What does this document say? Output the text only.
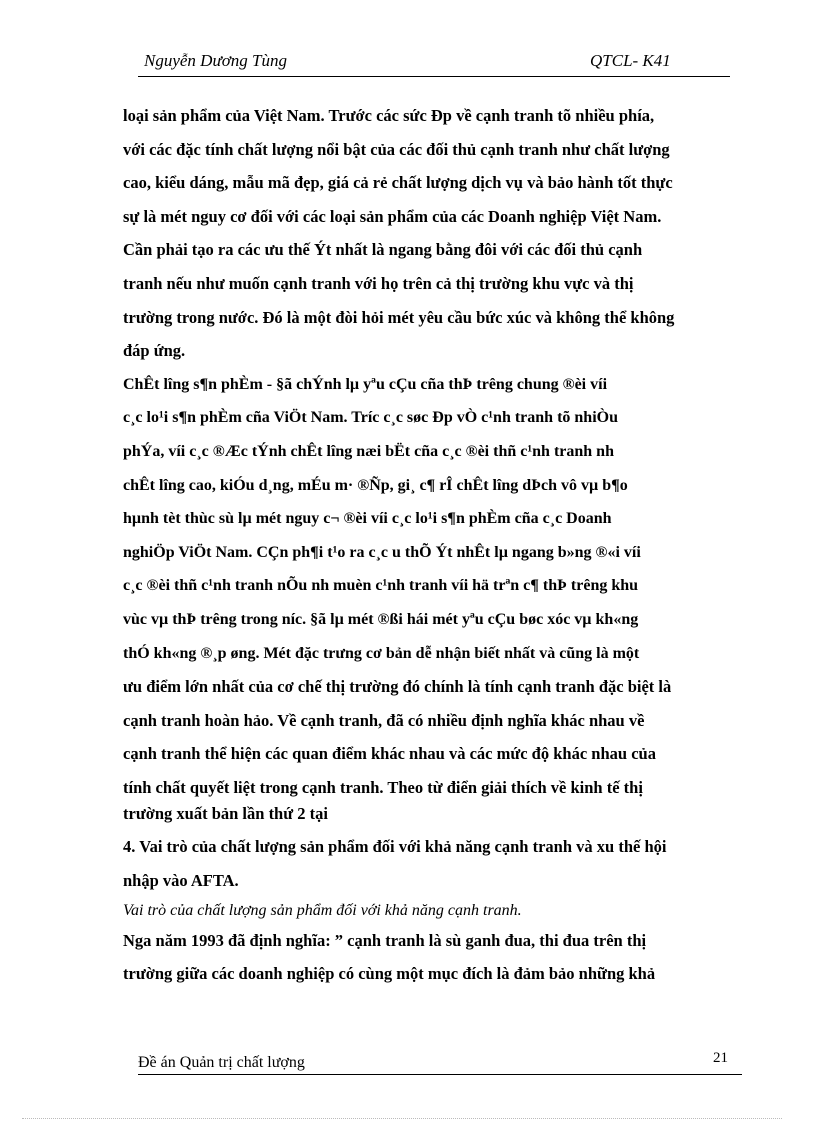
Nguyễn Dương Tùng	QTCL- K41
loại sản phẩm của Việt Nam. Trước các sức Ðp về cạnh tranh tõ nhiều phía,
với các đặc tính chất lượng nổi bật của các đối thủ cạnh tranh như chất lượng
cao, kiểu dáng, mẫu mã đẹp, giá cả rẻ chất lượng dịch vụ và bảo hành tốt thực
sự là mét nguy cơ đối với các loại sản phẩm của các Doanh nghiệp Việt Nam.
Cần phải tạo ra các ưu thế Ýt nhất là ngang bằng đôi với các đối thủ cạnh
tranh nếu như muốn cạnh tranh với họ trên cả thị trường khu vực và thị
trường trong nước. Đó là một đòi hỏi mét yêu cầu bức xúc và không thể không
đáp ứng.
ChÊt lîng s¶n phÈm - §ã chÝnh lµ yªu cÇu cña thÞ trêng chung ®èi víi
c¸c lo¹i s¶n phÈm cña ViÖt Nam. Tríc c¸c søc Ðp vÒ c¹nh tranh tõ nhiÒu
phÝa, víi c¸c ®Æc tÝnh chÊt lîng næi bËt cña c¸c ®èi thñ c¹nh tranh nh
chÊt lîng cao, kiÓu d¸ng, mÉu m· ®Ñp, gi¸ c¶ rÎ chÊt lîng dÞch vô vµ b¶o
hµnh tèt thùc sù lµ mét nguy c¬ ®èi víi c¸c lo¹i s¶n phÈm cña c¸c Doanh
nghiÖp ViÖt Nam. CÇn ph¶i t¹o ra c¸c u thÕ Ýt nhÊt lµ ngang b»ng ®«i víi
c¸c ®èi thñ c¹nh tranh nÕu nh muèn c¹nh tranh víi hä trªn c¶ thÞ trêng khu
vùc vµ thÞ trêng trong níc. §ã lµ mét ®ßi hái mét yªu cÇu bøc xóc vµ kh«ng
thÓ kh«ng ®¸p øng. Mét đặc trưng cơ bản dễ nhận biết nhất và cũng là một
ưu điểm lớn nhất của cơ chế thị trường đó chính là tính cạnh tranh đặc biệt là
cạnh tranh hoàn hảo. Về cạnh tranh, đã có nhiều định nghĩa khác nhau về
cạnh tranh thể hiện các quan điểm khác nhau và các mức độ khác nhau của
tính chất quyết liệt trong cạnh tranh. Theo từ điển giải thích về kinh tế thị
trường xuất bản lần thứ 2 tại
4. Vai trò của chất lượng sản phẩm đối với khả năng cạnh tranh và xu thế hội
nhập vào AFTA.
Vai trò của chất lượng sản phẩm đối với khả năng cạnh tranh.
Nga năm 1993 đã định nghĩa: ” cạnh tranh là sù ganh đua, thi đua trên thị
trường giữa các doanh nghiệp có cùng một mục đích là đảm bảo những khả
Đề án Quản trị chất lượng	21
